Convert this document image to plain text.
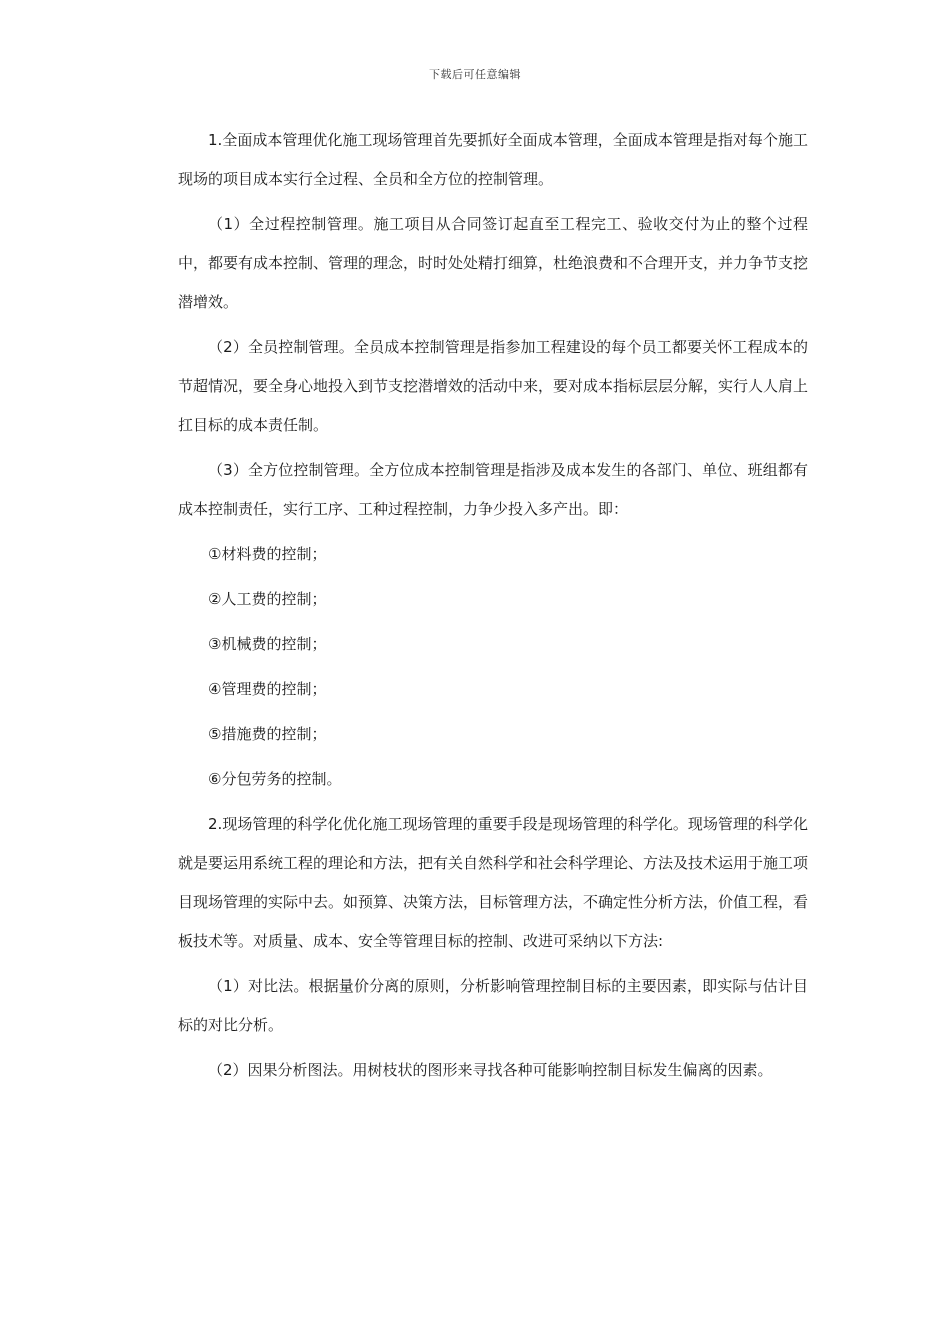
下载后可任意编辑

1.全面成本管理优化施工现场管理首先要抓好全面成本管理，全面成本管理是指对每个施工现场的项目成本实行全过程、全员和全方位的控制管理。

（1）全过程控制管理。施工项目从合同签订起直至工程完工、验收交付为止的整个过程中，都要有成本控制、管理的理念，时时处处精打细算，杜绝浪费和不合理开支，并力争节支挖潜增效。

（2）全员控制管理。全员成本控制管理是指参加工程建设的每个员工都要关怀工程成本的节超情况，要全身心地投入到节支挖潜增效的活动中来，要对成本指标层层分解，实行人人肩上扛目标的成本责任制。

（3）全方位控制管理。全方位成本控制管理是指涉及成本发生的各部门、单位、班组都有成本控制责任，实行工序、工种过程控制，力争少投入多产出。即：

①材料费的控制；

②人工费的控制；

③机械费的控制；

④管理费的控制；

⑤措施费的控制；

⑥分包劳务的控制。

2.现场管理的科学化优化施工现场管理的重要手段是现场管理的科学化。现场管理的科学化就是要运用系统工程的理论和方法，把有关自然科学和社会科学理论、方法及技术运用于施工项目现场管理的实际中去。如预算、决策方法，目标管理方法，不确定性分析方法，价值工程，看板技术等。对质量、成本、安全等管理目标的控制、改进可采纳以下方法:

（1）对比法。根据量价分离的原则，分析影响管理控制目标的主要因素，即实际与估计目标的对比分析。

（2）因果分析图法。用树枝状的图形来寻找各种可能影响控制目标发生偏离的因素。
